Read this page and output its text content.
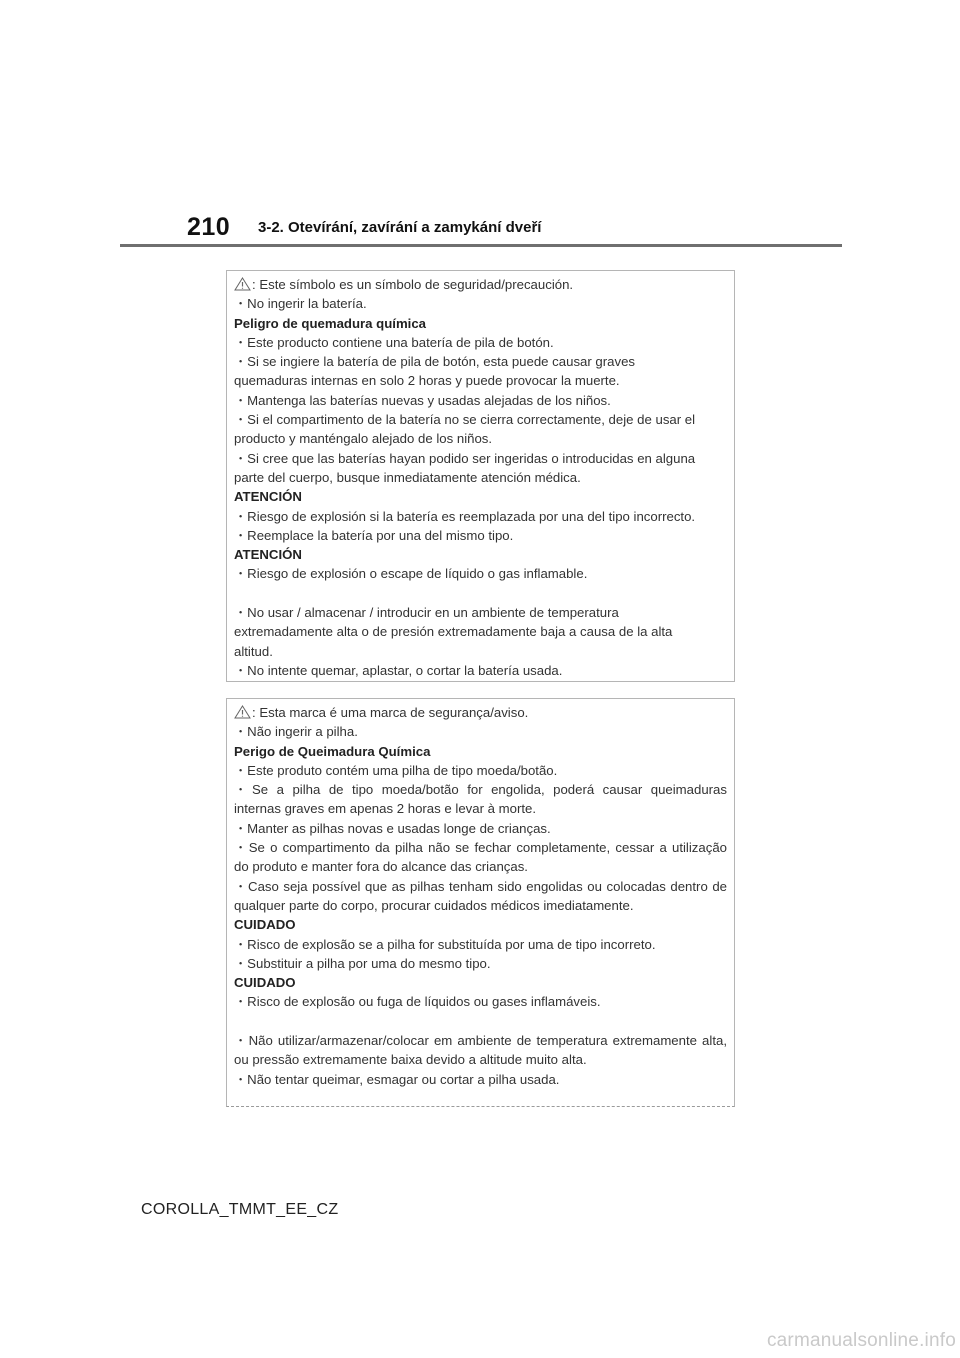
210 3-2. Otevírání, zavírání a zamykání dveří
: Este símbolo es un símbolo de seguridad/precaución.
・No ingerir la batería.
Peligro de quemadura química
・Este producto contiene una batería de pila de botón.
・Si se ingiere la batería de pila de botón, esta puede causar graves
quemaduras internas en solo 2 horas y puede provocar la muerte.
・Mantenga las baterías nuevas y usadas alejadas de los niños.
・Si el compartimento de la batería no se cierra correctamente, deje de usar el
producto y manténgalo alejado de los niños.
・Si cree que las baterías hayan podido ser ingeridas o introducidas en alguna
parte del cuerpo, busque inmediatamente atención médica.
ATENCIÓN
・Riesgo de explosión si la batería es reemplazada por una del tipo incorrecto.
・Reemplace la batería por una del mismo tipo.
ATENCIÓN
・Riesgo de explosión o escape de líquido o gas inflamable.
・No usar / almacenar / introducir en un ambiente de temperatura
extremadamente alta o de presión extremadamente baja a causa de la alta
altitud.
・No intente quemar, aplastar, o cortar la batería usada.
: Esta marca é uma marca de segurança/aviso.
・Não ingerir a pilha.
Perigo de Queimadura Química
・Este produto contém uma pilha de tipo moeda/botão.
・Se a pilha de tipo moeda/botão for engolida, poderá causar queimaduras
internas graves em apenas 2 horas e levar à morte.
・Manter as pilhas novas e usadas longe de crianças.
・Se o compartimento da pilha não se fechar completamente, cessar a utilização
do produto e manter fora do alcance das crianças.
・Caso seja possível que as pilhas tenham sido engolidas ou colocadas dentro de
qualquer parte do corpo, procurar cuidados médicos imediatamente.
CUIDADO
・Risco de explosão se a pilha for substituída por uma de tipo incorreto.
・Substituir a pilha por uma do mesmo tipo.
CUIDADO
・Risco de explosão ou fuga de líquidos ou gases inflamáveis.
・Não utilizar/armazenar/colocar em ambiente de temperatura extremamente alta,
ou pressão extremamente baixa devido a altitude muito alta.
・Não tentar queimar, esmagar ou cortar a pilha usada.
COROLLA_TMMT_EE_CZ
carmanualsonline.info
